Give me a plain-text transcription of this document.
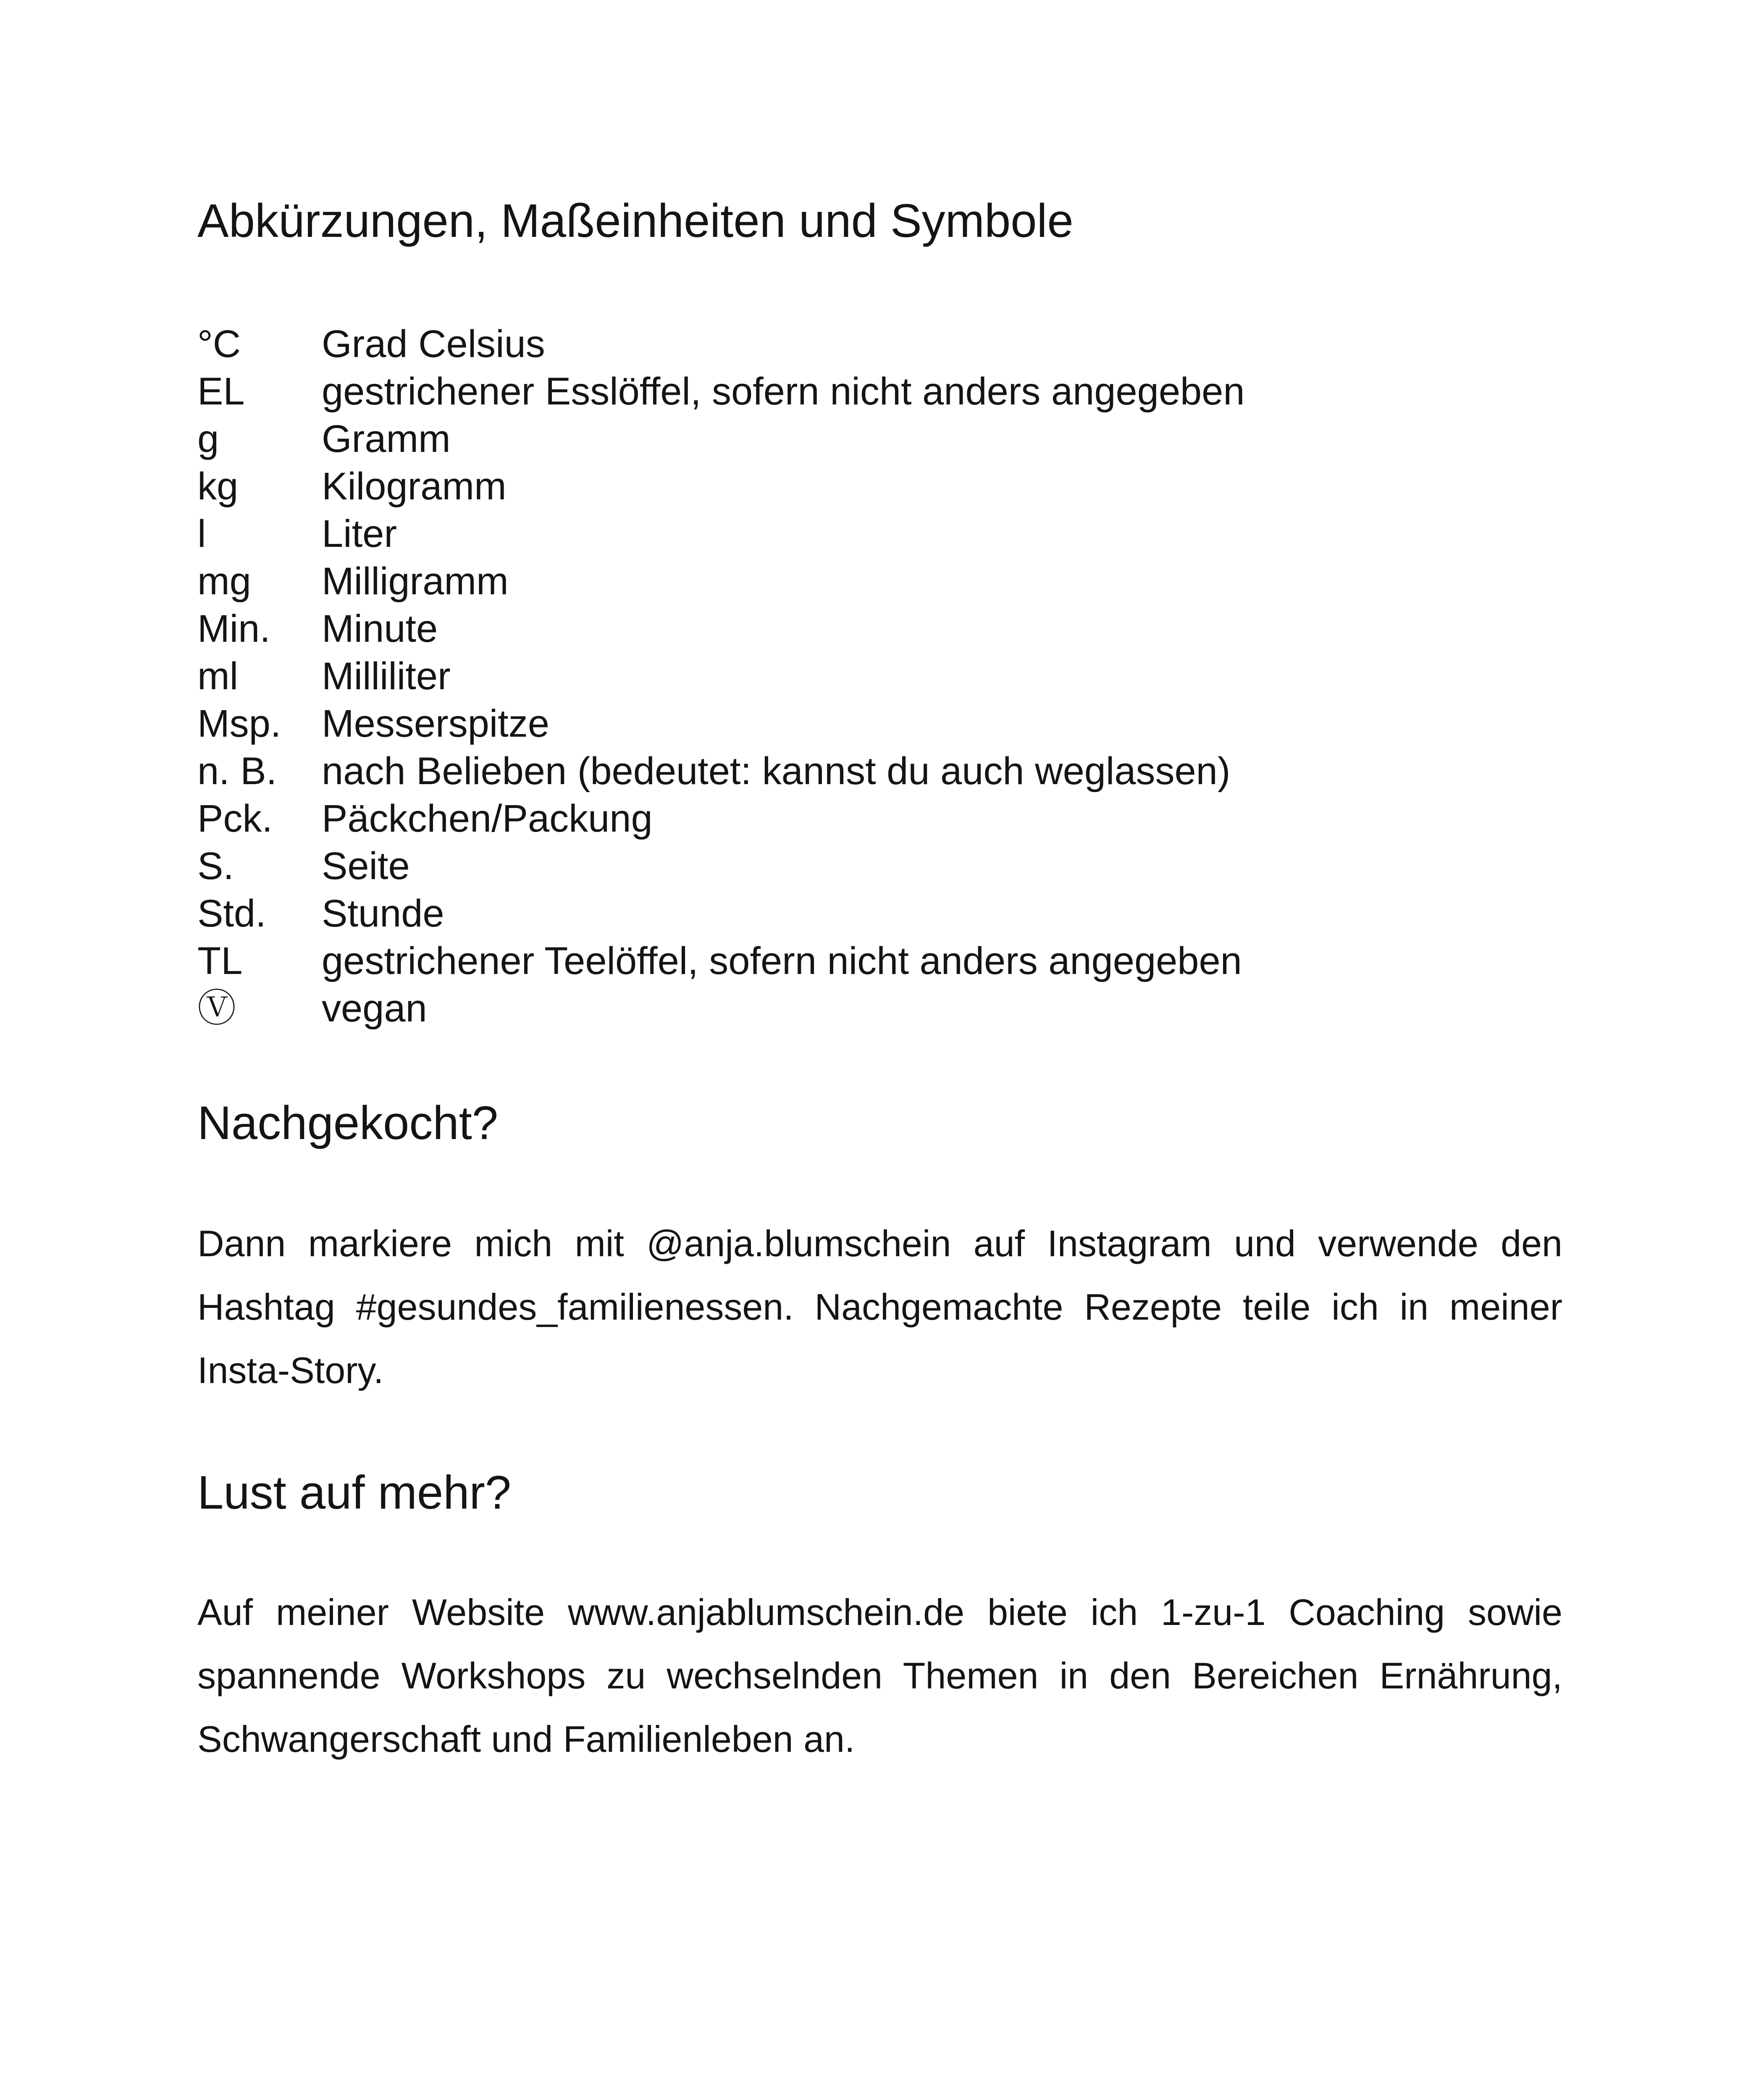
Abkürzungen, Maßeinheiten und Symbole
°C Grad Celsius
EL gestrichener Esslöffel, sofern nicht anders angegeben
g	Gramm
kg Kilogramm
l	Liter
mg Milligramm
Min. Minute
ml Milliliter
Msp. Messerspitze
n. B. nach Belieben (bedeutet: kannst du auch weglassen)
Pck. Päckchen/Packung
S. Seite
Std. Stunde
TL gestrichener Teelöffel, sofern nicht anders angegeben
Ⓥ vegan
Nachgekocht?

Dann markiere mich mit @anja.blumschein auf Instagram und verwende den Hashtag #gesundes_familienessen. Nachgemachte Rezepte teile ich in meiner Insta-Story.

Lust auf mehr?

Auf meiner Website www.anjablumschein.de biete ich 1-zu-1 Coaching sowie spannende Workshops zu wechselnden Themen in den Bereichen Ernährung, Schwangerschaft und Familienleben an.
